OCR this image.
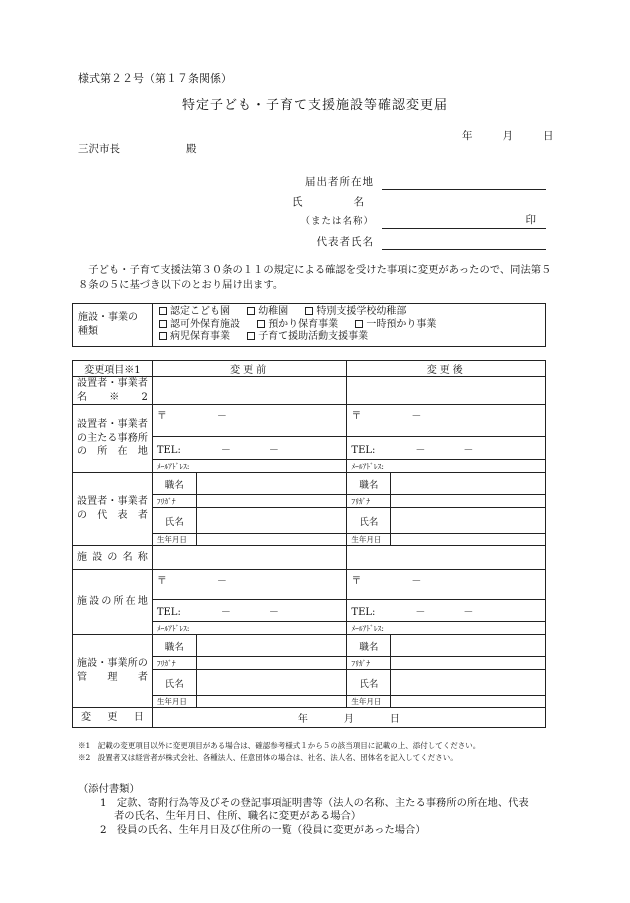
様式第２２号（第１７条関係）
特定子ども・子育て支援施設等確認変更届
年	月	日
三沢市長	殿
届出者所在地
氏　　名
（または名称）	印
代表者氏名

子ども・子育て支援法第３０条の１１の規定による確認を受けた事項に変更があったので、同法第５８条の５に基づき以下のとおり届け出ます。

施設・事業の種類	
認定こども園	幼稚園	特別支援学校幼稚部
認可外保育施設	預かり保育事業	一時預かり事業
病児保育事業	子育て援助活動支援事業
変更項目※1	変更前		変更後	
設置者・事業者名※2				
設置者・事業者の主たる事務所の所在地	〒 －		〒 －	
	TEL: － －		TEL: － －	
	ﾒｰﾙｱﾄﾞﾚｽ:		ﾒｰﾙｱﾄﾞﾚｽ:	
設置者・事業者の代表者	職名		職名	
	ﾌﾘｶﾞﾅ		ﾌﾘｶﾞﾅ	
	氏名		氏名	
	生年月日		生年月日	
施設の名称				
施設の所在地	〒 －		〒 －	
	TEL: － －		TEL: － －	
	ﾒｰﾙｱﾄﾞﾚｽ:		ﾒｰﾙｱﾄﾞﾚｽ:	
施設・事業所の管理者	職名		職名	
	ﾌﾘｶﾞﾅ		ﾌﾘｶﾞﾅ	
	氏名		氏名	
	生年月日		生年月日	
変更日	年 月 日			
※1　記載の変更項目以外に変更項目がある場合は、確認参考様式１から５の該当項目に記載の上、添付してください。
※2　設置者又は経営者が株式会社、各種法人、任意団体の場合は、社名、法人名、団体名を記入してください。
（添付書類）
1　定款、寄附行為等及びその登記事項証明書等（法人の名称、主たる事務所の所在地、代表
者の氏名、生年月日、住所、職名に変更がある場合）
2　役員の氏名、生年月日及び住所の一覧（役員に変更があった場合）
